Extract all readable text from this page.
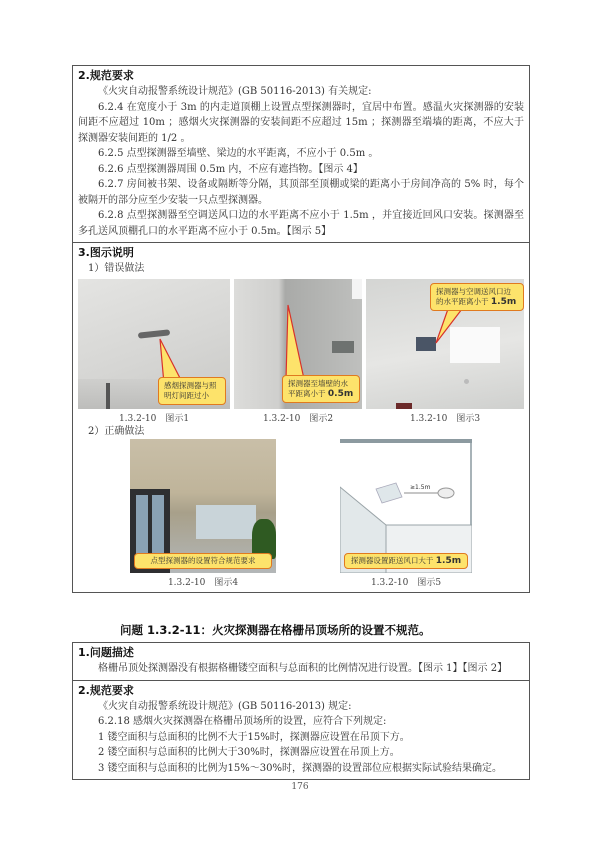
2.规范要求
《火灾自动报警系统设计规范》(GB 50116-2013) 有关规定:
6.2.4 在宽度小于 3m 的内走道顶棚上设置点型探测器时，宜居中布置。感温火灾探测器的安装间距不应超过 10m ；感烟火灾探测器的安装间距不应超过 15m ；探测器至端墙的距离，不应大于探测器安装间距的 1/2 。
6.2.5 点型探测器至墙壁、梁边的水平距离，不应小于 0.5m 。
6.2.6 点型探测器周围 0.5m 内，不应有遮挡物。【图示 4】
6.2.7 房间被书架、设备或隔断等分隔，其顶部至顶棚或梁的距离小于房间净高的 5% 时，每个被隔开的部分应至少安装一只点型探测器。
6.2.8 点型探测器至空调送风口边的水平距离不应小于 1.5m ，并宜接近回风口安装。探测器至多孔送风顶棚孔口的水平距离不应小于 0.5m。【图示 5】
3.图示说明
1）错误做法
感烟探测器与照明灯间距过小
1.3.2-10　图示1
探测器至墙壁的水平距离小于 0.5m
1.3.2-10　图示2
探测器与空调送风口边的水平距离小于 1.5m
1.3.2-10　图示3
2）正确做法
点型探测器的设置符合规范要求
1.3.2-10　图示4
≥1.5m
探测器设置距送风口大于 1.5m
1.3.2-10　图示5
问题 1.3.2-11：火灾探测器在格栅吊顶场所的设置不规范。
1.问题描述
格栅吊顶处探测器没有根据格栅镂空面积与总面积的比例情况进行设置。【图示 1】【图示 2】
2.规范要求
《火灾自动报警系统设计规范》(GB 50116-2013) 规定:
6.2.18 感烟火灾探测器在格栅吊顶场所的设置，应符合下列规定:
1 镂空面积与总面积的比例不大于15%时，探测器应设置在吊顶下方。
2 镂空面积与总面积的比例大于30%时，探测器应设置在吊顶上方。
3 镂空面积与总面积的比例为15%～30%时，探测器的设置部位应根据实际试验结果确定。
176
